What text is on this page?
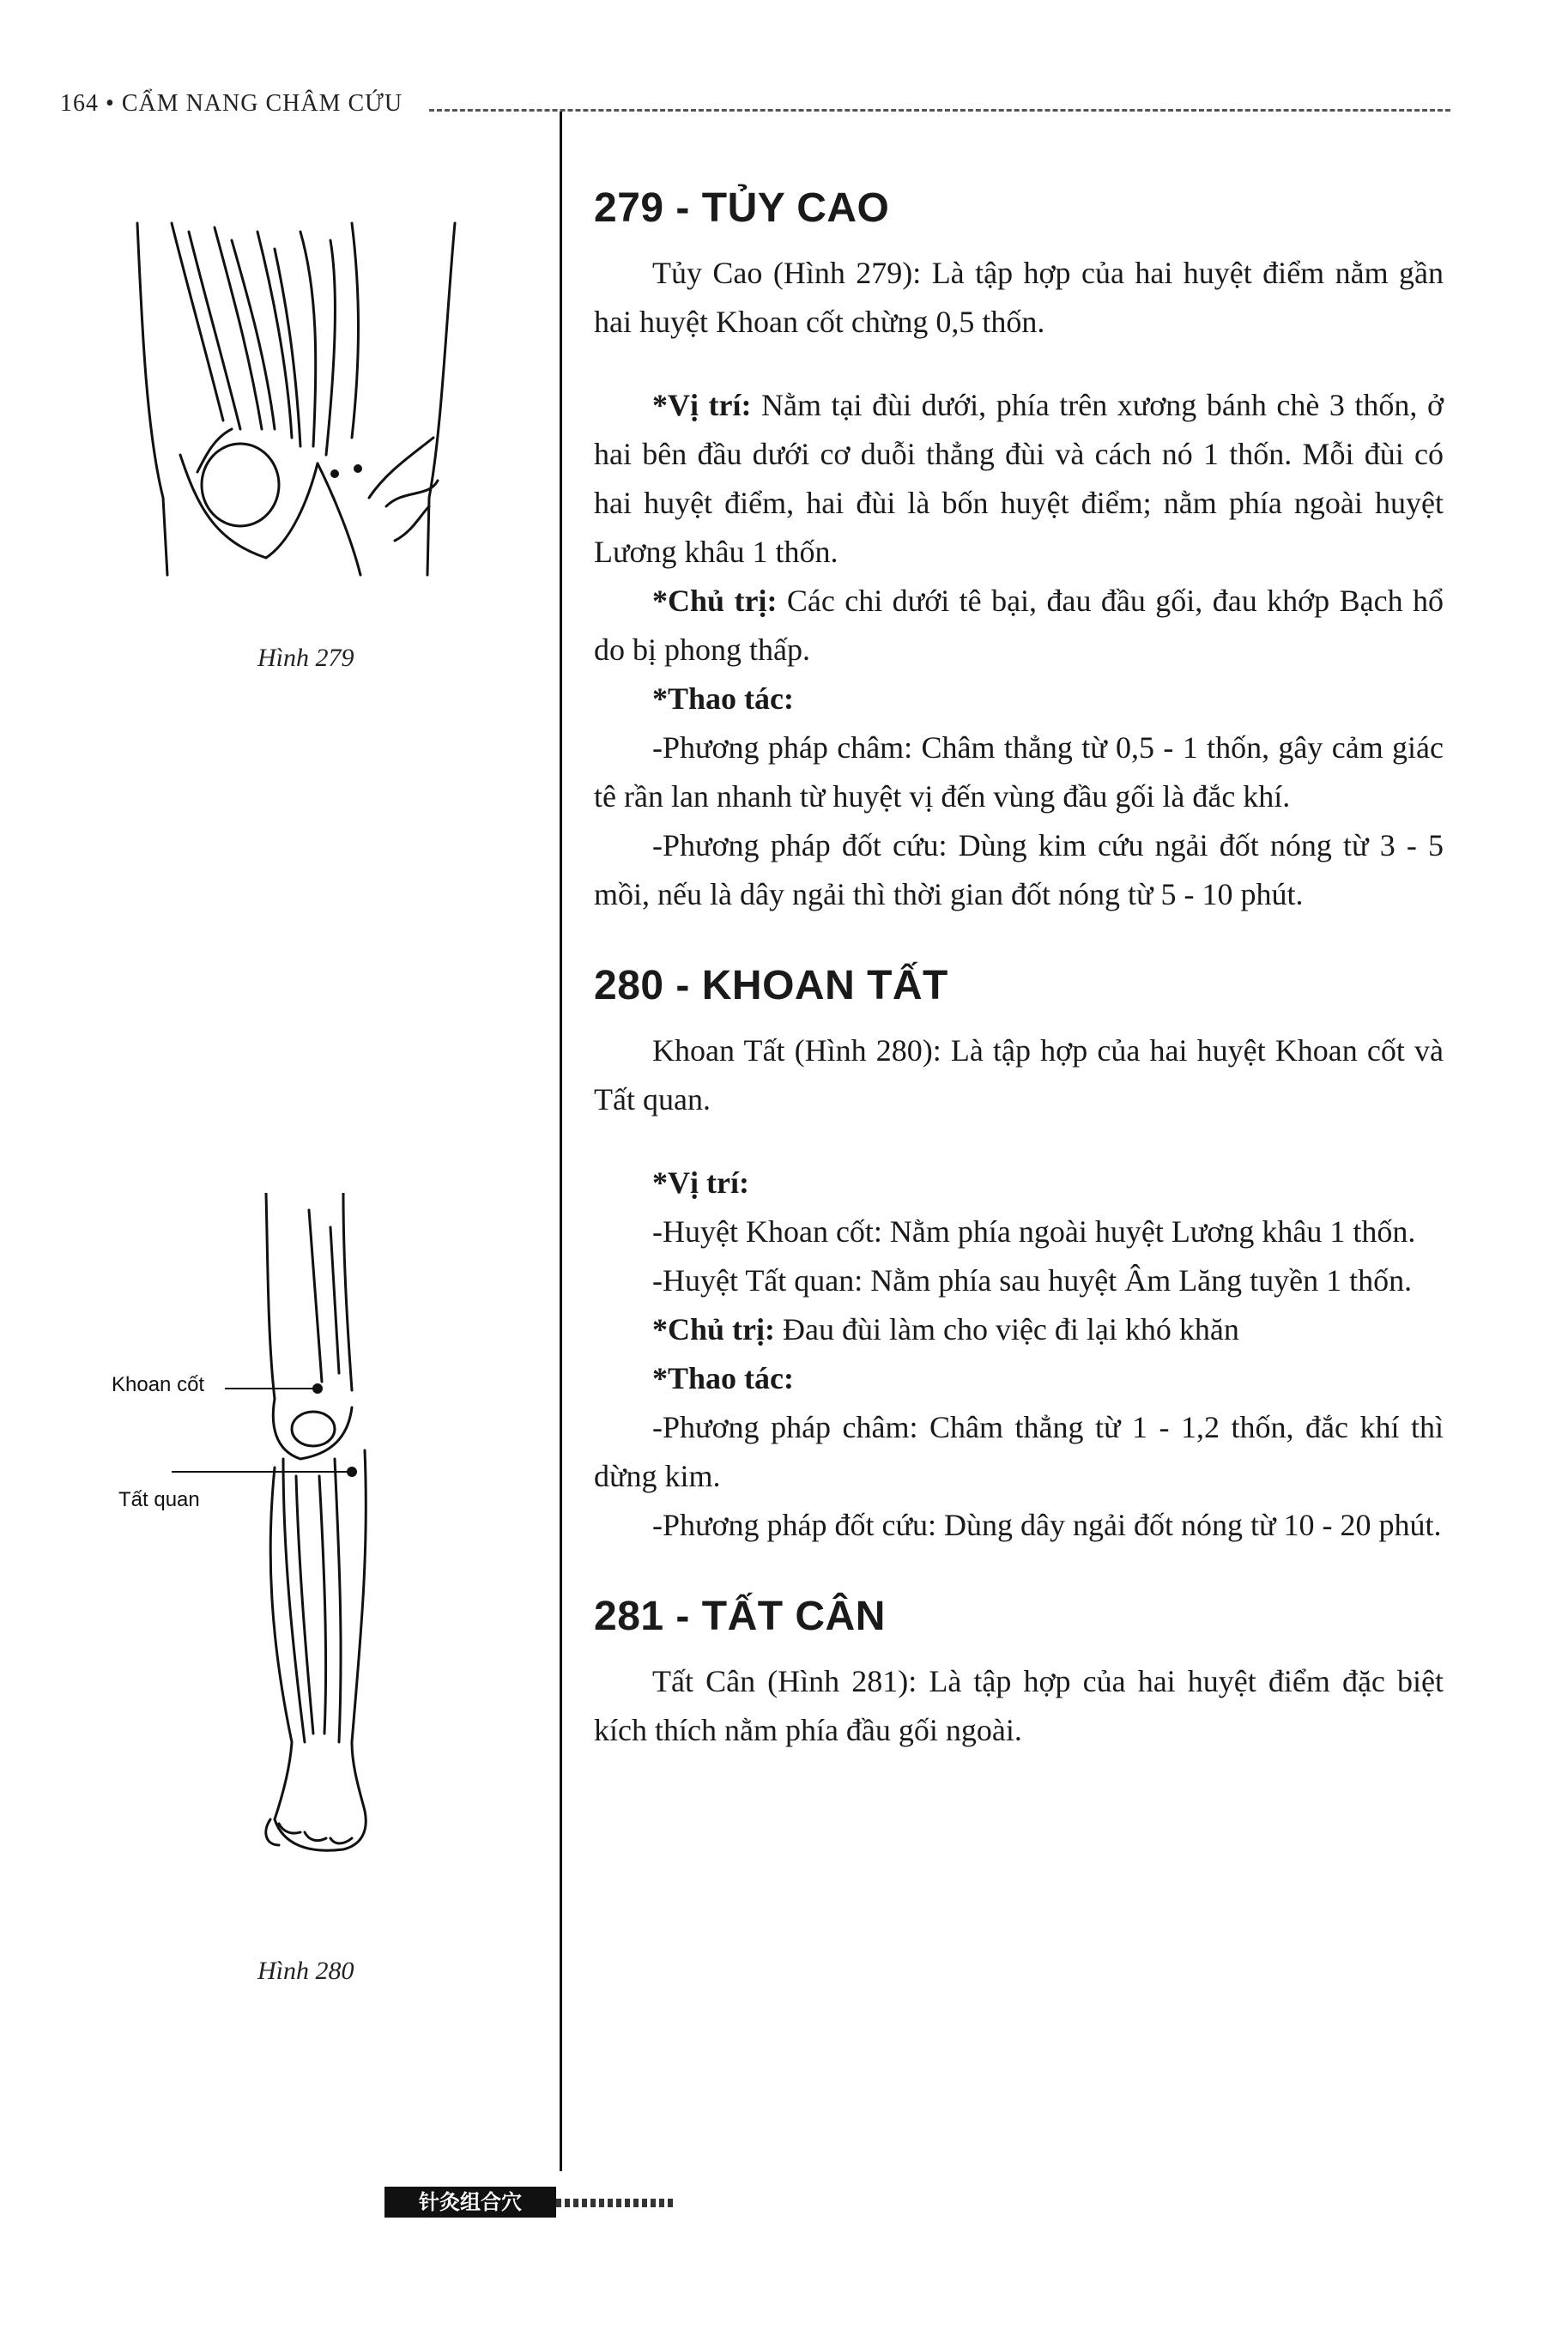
164 • CẨM NANG CHÂM CỨU
Hình 279
Khoan cốt
Tất quan
Hình 280
279 - TỦY CAO

Tủy Cao (Hình 279): Là tập hợp của hai huyệt điểm nằm gần hai huyệt Khoan cốt chừng 0,5 thốn.

*Vị trí: Nằm tại đùi dưới, phía trên xương bánh chè 3 thốn, ở hai bên đầu dưới cơ duỗi thẳng đùi và cách nó 1 thốn. Mỗi đùi có hai huyệt điểm, hai đùi là bốn huyệt điểm; nằm phía ngoài huyệt Lương khâu 1 thốn.

*Chủ trị: Các chi dưới tê bại, đau đầu gối, đau khớp Bạch hổ do bị phong thấp.

*Thao tác:

-Phương pháp châm: Châm thẳng từ 0,5 - 1 thốn, gây cảm giác tê rần lan nhanh từ huyệt vị đến vùng đầu gối là đắc khí.

-Phương pháp đốt cứu: Dùng kim cứu ngải đốt nóng từ 3 - 5 mồi, nếu là dây ngải thì thời gian đốt nóng từ 5 - 10 phút.

280 - KHOAN TẤT

Khoan Tất (Hình 280): Là tập hợp của hai huyệt Khoan cốt và Tất quan.

*Vị trí:

-Huyệt Khoan cốt: Nằm phía ngoài huyệt Lương khâu 1 thốn.

-Huyệt Tất quan: Nằm phía sau huyệt Âm Lăng tuyền 1 thốn.

*Chủ trị: Đau đùi làm cho việc đi lại khó khăn

*Thao tác:

-Phương pháp châm: Châm thẳng từ 1 - 1,2 thốn, đắc khí thì dừng kim.

-Phương pháp đốt cứu: Dùng dây ngải đốt nóng từ 10 - 20 phút.

281 - TẤT CÂN

Tất Cân (Hình 281): Là tập hợp của hai huyệt điểm đặc biệt kích thích nằm phía đầu gối ngoài.

针灸组合穴
